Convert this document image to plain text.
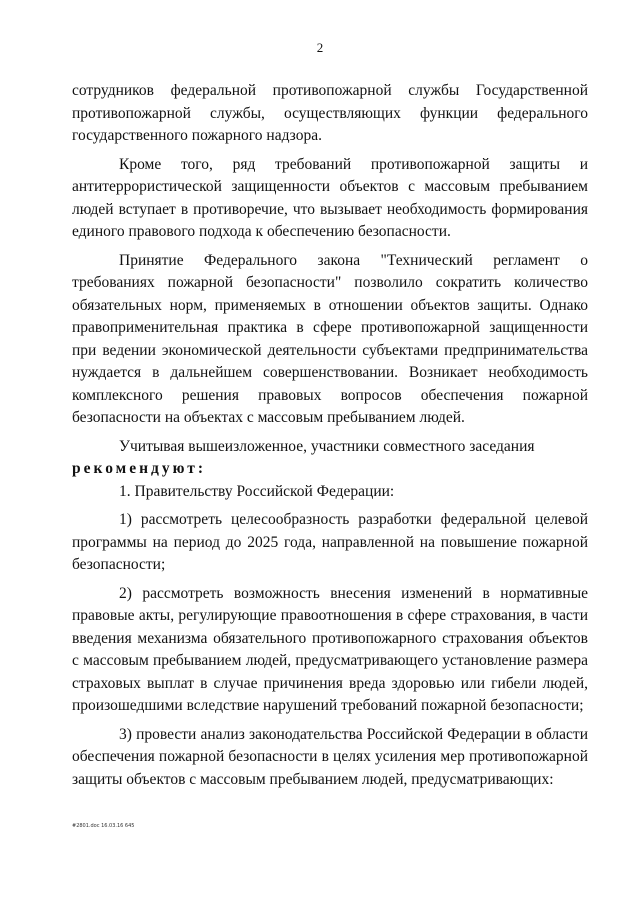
2

сотрудников федеральной противопожарной службы Государственной противопожарной службы, осуществляющих функции федерального государственного пожарного надзора.

Кроме того, ряд требований противопожарной защиты и антитеррористической защищенности объектов с массовым пребыванием людей вступает в противоречие, что вызывает необходимость формирования единого правового подхода к обеспечению безопасности.

Принятие Федерального закона "Технический регламент о требованиях пожарной безопасности" позволило сократить количество обязательных норм, применяемых в отношении объектов защиты. Однако правоприменительная практика в сфере противопожарной защищенности при ведении экономической деятельности субъектами предпринимательства нуждается в дальнейшем совершенствовании. Возникает необходимость комплексного решения правовых вопросов обеспечения пожарной безопасности на объектах с массовым пребыванием людей.

Учитывая вышеизложенное, участники совместного заседания

рекомендуют:

1. Правительству Российской Федерации:

1) рассмотреть целесообразность разработки федеральной целевой программы на период до 2025 года, направленной на повышение пожарной безопасности;

2) рассмотреть возможность внесения изменений в нормативные правовые акты, регулирующие правоотношения в сфере страхования, в части введения механизма обязательного противопожарного страхования объектов с массовым пребыванием людей, предусматривающего установление размера страховых выплат в случае причинения вреда здоровью или гибели людей, произошедшими вследствие нарушений требований пожарной безопасности;

3) провести анализ законодательства Российской Федерации в области обеспечения пожарной безопасности в целях усиления мер противопожарной защиты объектов с массовым пребыванием людей, предусматривающих:

#2801.doc 16.03.16 645
